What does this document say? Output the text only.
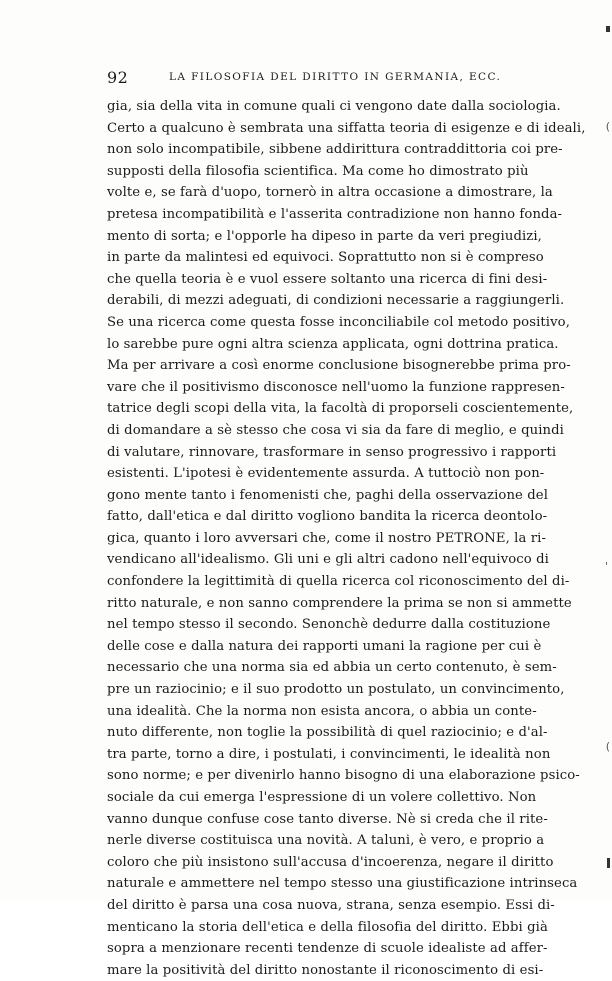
92	LA FILOSOFIA DEL DIRITTO IN GERMANIA, ECC.
gia, sia della vita in comune quali ci vengono date dalla sociologia.
Certo a qualcuno è sembrata una siffatta teoria di esigenze e di ideali,
non solo incompatibile, sibbene addirittura contraddittoria coi pre-
supposti della filosofia scientifica. Ma come ho dimostrato più
volte e, se farà d'uopo, tornerò in altra occasione a dimostrare, la
pretesa incompatibilità e l'asserita contradizione non hanno fonda-
mento di sorta; e l'opporle ha dipeso in parte da veri pregiudizi,
in parte da malintesi ed equivoci. Soprattutto non si è compreso
che quella teoria è e vuol essere soltanto una ricerca di fini desi-
derabili, di mezzi adeguati, di condizioni necessarie a raggiungerli.
Se una ricerca come questa fosse inconciliabile col metodo positivo,
lo sarebbe pure ogni altra scienza applicata, ogni dottrina pratica.
Ma per arrivare a così enorme conclusione bisognerebbe prima pro-
vare che il positivismo disconosce nell'uomo la funzione rappresen-
tatrice degli scopi della vita, la facoltà di proporseli coscientemente,
di domandare a sè stesso che cosa vi sia da fare di meglio, e quindi
di valutare, rinnovare, trasformare in senso progressivo i rapporti
esistenti. L'ipotesi è evidentemente assurda. A tuttociò non pon-
gono mente tanto i fenomenisti che, paghi della osservazione del
fatto, dall'etica e dal diritto vogliono bandita la ricerca deontolo-
gica, quanto i loro avversari che, come il nostro PETRONE, la ri-
vendicano all'idealismo. Gli uni e gli altri cadono nell'equivoco di
confondere la legittimità di quella ricerca col riconoscimento del di-
ritto naturale, e non sanno comprendere la prima se non si ammette
nel tempo stesso il secondo. Senonchè dedurre dalla costituzione
delle cose e dalla natura dei rapporti umani la ragione per cui è
necessario che una norma sia ed abbia un certo contenuto, è sem-
pre un raziocinio; e il suo prodotto un postulato, un convincimento,
una idealità. Che la norma non esista ancora, o abbia un conte-
nuto differente, non toglie la possibilità di quel raziocinio; e d'al-
tra parte, torno a dire, i postulati, i convincimenti, le idealità non
sono norme; e per divenirlo hanno bisogno di una elaborazione psico-
sociale da cui emerga l'espressione di un volere collettivo. Non
vanno dunque confuse cose tanto diverse. Nè si creda che il rite-
nerle diverse costituisca una novità. A taluni, è vero, e proprio a
coloro che più insistono sull'accusa d'incoerenza, negare il diritto
naturale e ammettere nel tempo stesso una giustificazione intrinseca
del diritto è parsa una cosa nuova, strana, senza esempio. Essi di-
menticano la storia dell'etica e della filosofia del diritto. Ebbi già
sopra a menzionare recenti tendenze di scuole idealiste ad affer-
mare la positività del diritto nonostante il riconoscimento di esi-
(
'
(
